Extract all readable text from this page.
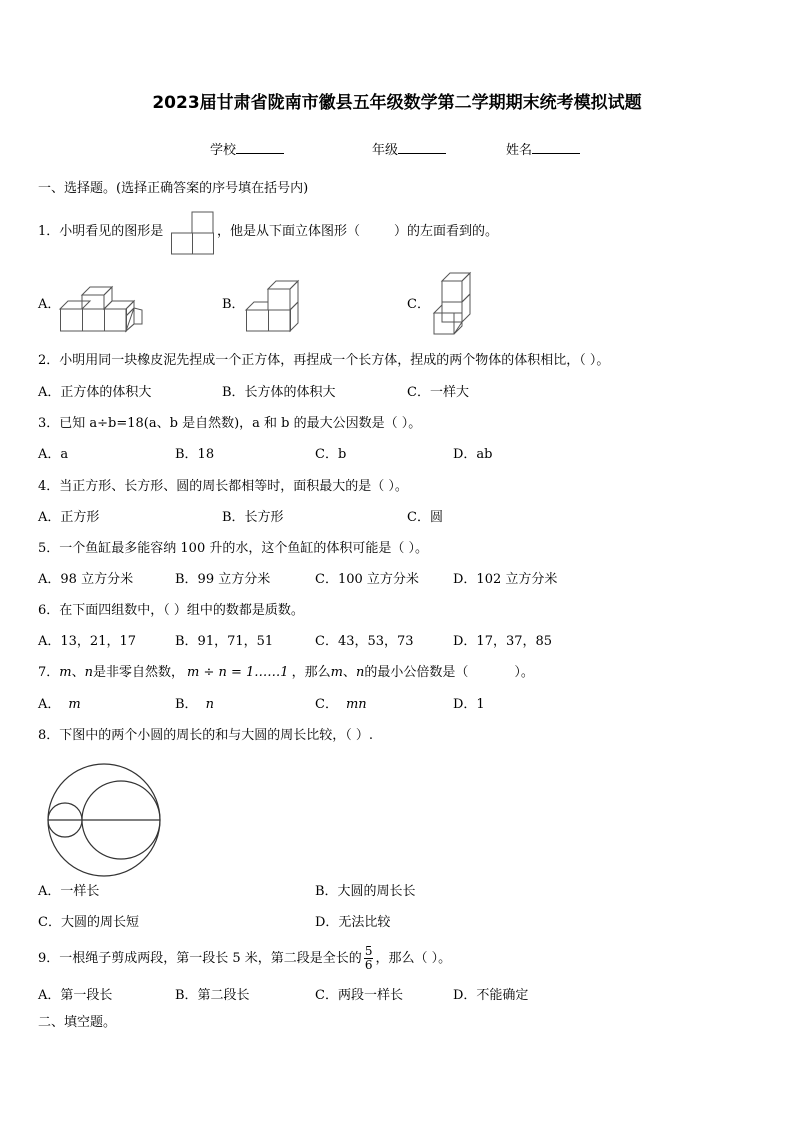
2023届甘肃省陇南市徽县五年级数学第二学期期末统考模拟试题
学校	年级	姓名
一、选择题。(选择正确答案的序号填在括号内)
1．小明看见的图形是	，他是从下面立体图形（	）的左面看到的。
A．	B．	C．
2．小明用同一块橡皮泥先捏成一个正方体，再捏成一个长方体，捏成的两个物体的体积相比，（ ）。
A．正方体的体积大	B．长方体的体积大	C．一样大
3．已知 a÷b=18(a、b 是自然数)，a 和 b 的最大公因数是（ ）。
A．a	B．18	C．b	D．ab
4．当正方形、长方形、圆的周长都相等时，面积最大的是（ ）。
A．正方形	B．长方形	C．圆
5．一个鱼缸最多能容纳 100 升的水，这个鱼缸的体积可能是（ ）。
A．98 立方分米	B．99 立方分米	C．100 立方分米	D．102 立方分米
6．在下面四组数中，（ ）组中的数都是质数。
A．13，21，17	B．91，71，51	C．43，53，73	D．17，37，85
7．m、n是非零自然数， m ÷ n = 1……1 ，那么m、n的最小公倍数是（	）。
A． m	B． n	C． mn	D．1
8．下图中的两个小圆的周长的和与大圆的周长比较，（ ）.
A．一样长	B．大圆的周长长
C．大圆的周长短	D．无法比较
9．一根绳子剪成两段，第一段长 5 米，第二段是全长的 $\frac{5}{6}$ ，那么（ ）。
A．第一段长	B．第二段长	C．两段一样长	D．不能确定
二、填空题。
